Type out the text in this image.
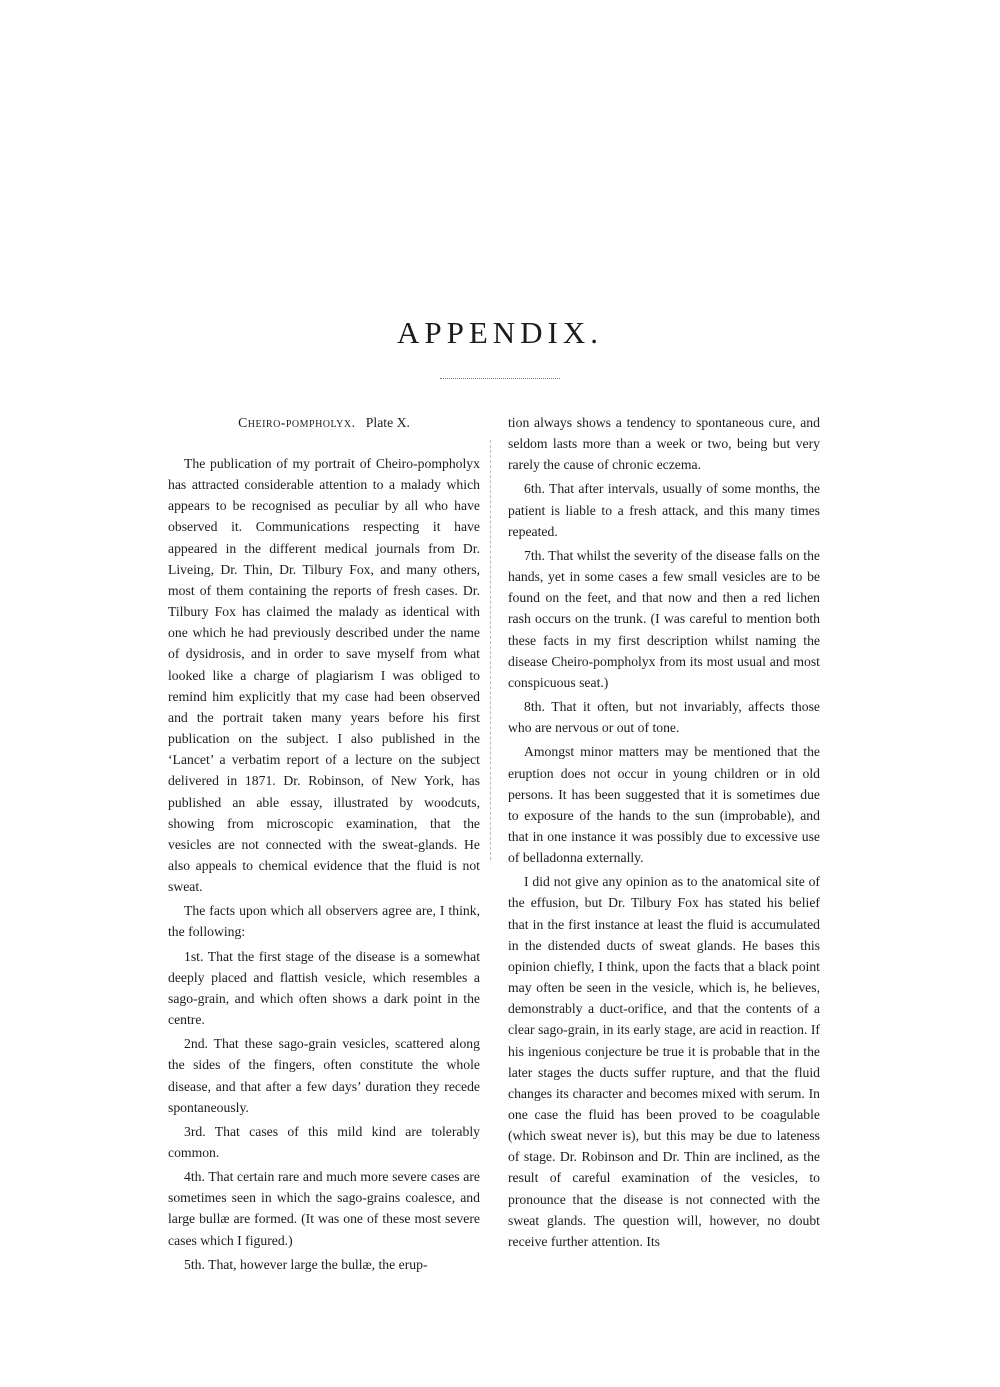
APPENDIX.
Cheiro-pompholyx. Plate X.

The publication of my portrait of Cheiro-pompholyx has attracted considerable attention to a malady which appears to be recognised as peculiar by all who have observed it. Communications respecting it have appeared in the different medical journals from Dr. Liveing, Dr. Thin, Dr. Tilbury Fox, and many others, most of them containing the reports of fresh cases. Dr. Tilbury Fox has claimed the malady as identical with one which he had previously described under the name of dysidrosis, and in order to save myself from what looked like a charge of plagiarism I was obliged to remind him explicitly that my case had been observed and the portrait taken many years before his first publication on the subject. I also published in the ‘Lancet’ a verbatim report of a lecture on the subject delivered in 1871. Dr. Robinson, of New York, has published an able essay, illustrated by woodcuts, showing from microscopic examination, that the vesicles are not connected with the sweat-glands. He also appeals to chemical evidence that the fluid is not sweat.

The facts upon which all observers agree are, I think, the following:

1st. That the first stage of the disease is a somewhat deeply placed and flattish vesicle, which resembles a sago-grain, and which often shows a dark point in the centre.

2nd. That these sago-grain vesicles, scattered along the sides of the fingers, often constitute the whole disease, and that after a few days’ duration they recede spontaneously.

3rd. That cases of this mild kind are tolerably common.

4th. That certain rare and much more severe cases are sometimes seen in which the sago-grains coalesce, and large bullæ are formed. (It was one of these most severe cases which I figured.)

5th. That, however large the bullæ, the erup-

tion always shows a tendency to spontaneous cure, and seldom lasts more than a week or two, being but very rarely the cause of chronic eczema.

6th. That after intervals, usually of some months, the patient is liable to a fresh attack, and this many times repeated.

7th. That whilst the severity of the disease falls on the hands, yet in some cases a few small vesicles are to be found on the feet, and that now and then a red lichen rash occurs on the trunk. (I was careful to mention both these facts in my first description whilst naming the disease Cheiro-pompholyx from its most usual and most conspicuous seat.)

8th. That it often, but not invariably, affects those who are nervous or out of tone.

Amongst minor matters may be mentioned that the eruption does not occur in young children or in old persons. It has been suggested that it is sometimes due to exposure of the hands to the sun (improbable), and that in one instance it was possibly due to excessive use of belladonna externally.

I did not give any opinion as to the anatomical site of the effusion, but Dr. Tilbury Fox has stated his belief that in the first instance at least the fluid is accumulated in the distended ducts of sweat glands. He bases this opinion chiefly, I think, upon the facts that a black point may often be seen in the vesicle, which is, he believes, demonstrably a duct-orifice, and that the contents of a clear sago-grain, in its early stage, are acid in reaction. If his ingenious conjecture be true it is probable that in the later stages the ducts suffer rupture, and that the fluid changes its character and becomes mixed with serum. In one case the fluid has been proved to be coagulable (which sweat never is), but this may be due to lateness of stage. Dr. Robinson and Dr. Thin are inclined, as the result of careful examination of the vesicles, to pronounce that the disease is not connected with the sweat glands. The question will, however, no doubt receive further attention. Its
